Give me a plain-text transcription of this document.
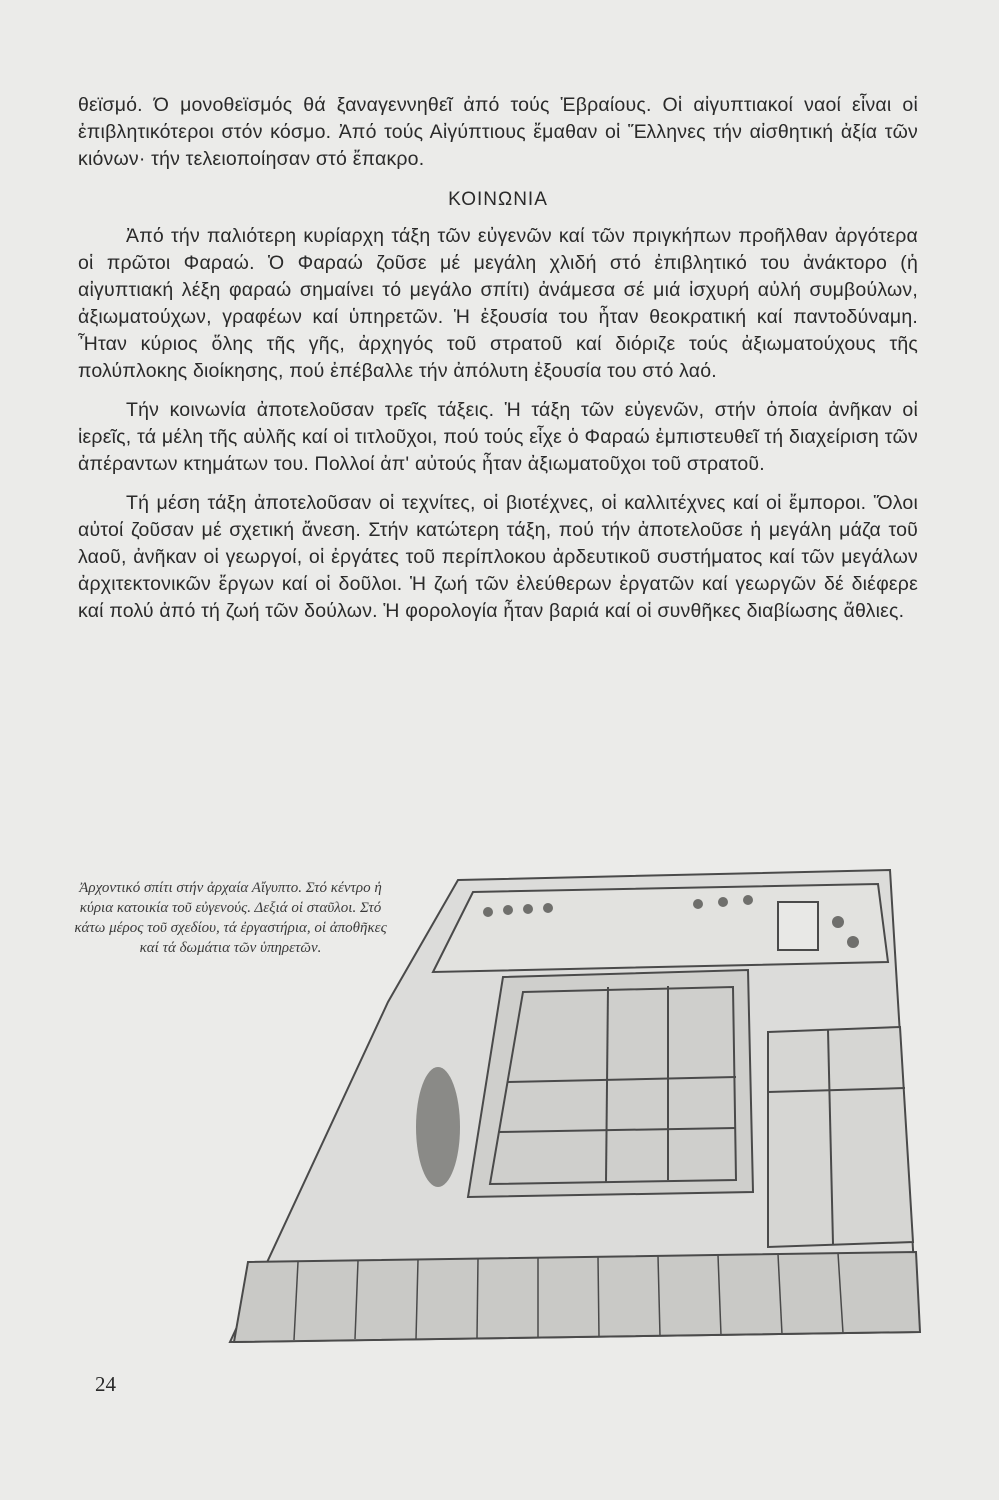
θεϊσμό. Ό μονοθεϊσμός θά ξαναγεννηθεῖ ἀπό τούς Ἑβραίους. Οἱ αἰγυπτιακοί ναοί εἶναι οἱ ἐπιβλητικότεροι στόν κόσμο. Ἀπό τούς Αἰγύπτιους ἔμαθαν οἱ Ἕλληνες τήν αἰσθητική ἀξία τῶν κιόνων· τήν τελειοποίησαν στό ἔπακρο.

ΚΟΙΝΩΝΙΑ

Ἀπό τήν παλιότερη κυρίαρχη τάξη τῶν εὐγενῶν καί τῶν πριγκήπων προῆλθαν ἀργότερα οἱ πρῶτοι Φαραώ. Ὁ Φαραώ ζοῦσε μέ μεγάλη χλιδή στό ἐπιβλητικό του ἀνάκτορο (ἡ αἰγυπτιακή λέξη φαραώ σημαίνει τό μεγάλο σπίτι) ἀνάμεσα σέ μιά ἰσχυρή αὐλή συμβούλων, ἀξιωματούχων, γραφέων καί ὑπηρετῶν. Ἡ ἐξουσία του ἦταν θεοκρατική καί παντοδύναμη. Ἦταν κύριος ὅλης τῆς γῆς, ἀρχηγός τοῦ στρατοῦ καί διόριζε τούς ἀξιωματούχους τῆς πολύπλοκης διοίκησης, πού ἐπέβαλλε τήν ἀπόλυτη ἐξουσία του στό λαό.

Τήν κοινωνία ἀποτελοῦσαν τρεῖς τάξεις. Ἡ τάξη τῶν εὐγενῶν, στήν ὁποία ἀνῆκαν οἱ ἱερεῖς, τά μέλη τῆς αὐλῆς καί οἱ τιτλοῦχοι, πού τούς εἶχε ὁ Φαραώ ἐμπιστευθεῖ τή διαχείριση τῶν ἀπέραντων κτημάτων του. Πολλοί ἀπ' αὐτούς ἦταν ἀξιωματοῦχοι τοῦ στρατοῦ.

Τή μέση τάξη ἀποτελοῦσαν οἱ τεχνίτες, οἱ βιοτέχνες, οἱ καλλιτέχνες καί οἱ ἔμποροι. Ὅλοι αὐτοί ζοῦσαν μέ σχετική ἄνεση. Στήν κατώτερη τάξη, πού τήν ἀποτελοῦσε ἡ μεγάλη μάζα τοῦ λαοῦ, ἀνῆκαν οἱ γεωργοί, οἱ ἐργάτες τοῦ περίπλοκου ἀρδευτικοῦ συστήματος καί τῶν μεγάλων ἀρχιτεκτονικῶν ἔργων καί οἱ δοῦλοι. Ἡ ζωή τῶν ἐλεύθερων ἐργατῶν καί γεωργῶν δέ διέφερε καί πολύ ἀπό τή ζωή τῶν δούλων. Ἡ φορολογία ἦταν βαριά καί οἱ συνθῆκες διαβίωσης ἄθλιες.

Ἀρχοντικό σπίτι στήν ἀρχαία Αἴγυπτο. Στό κέντρο ἡ κύρια κατοικία τοῦ εὐγενούς. Δεξιά οἱ σταῦλοι. Στό κάτω μέρος τοῦ σχεδίου, τά ἐργαστήρια, οἱ ἀποθῆκες καί τά δωμάτια τῶν ὑπηρετῶν.
24
